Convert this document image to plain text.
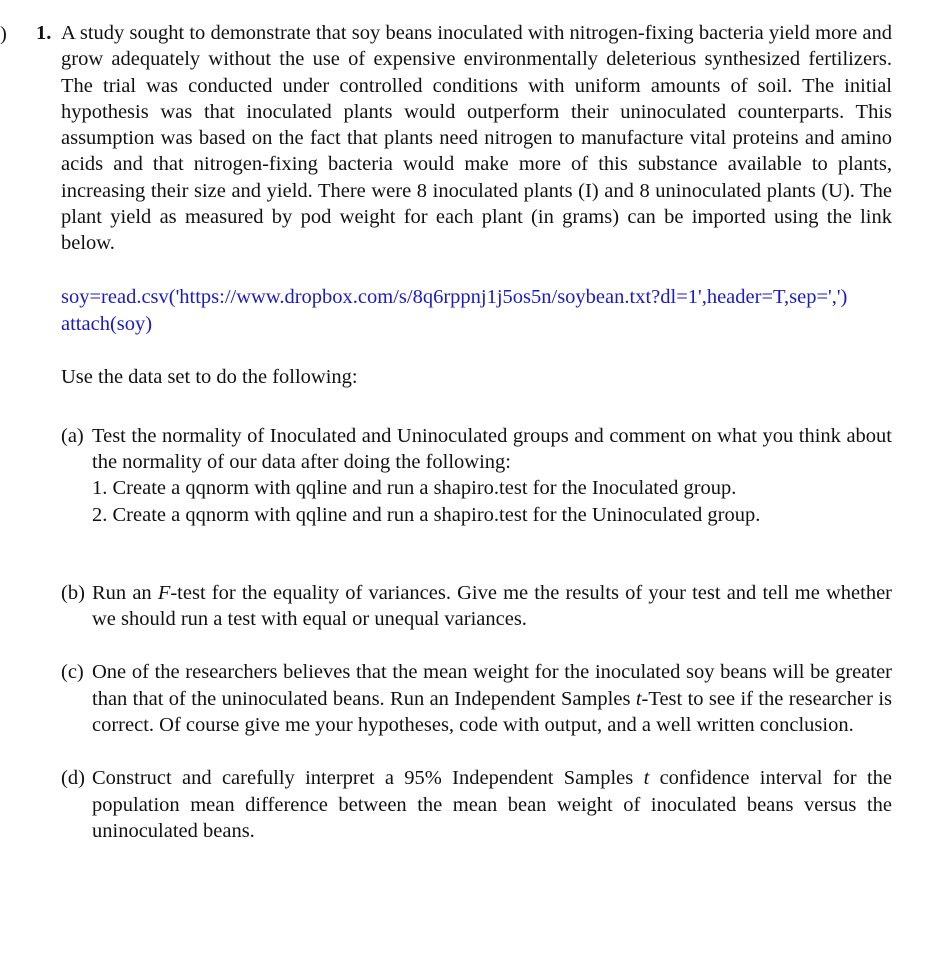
) 1. A study sought to demonstrate that soy beans inoculated with nitrogen-fixing bacteria yield more and grow adequately without the use of expensive environmentally deleterious synthesized fertilizers. The trial was conducted under controlled conditions with uniform amounts of soil. The initial hypothesis was that inoculated plants would outperform their uninoculated counterparts. This assumption was based on the fact that plants need nitrogen to manufacture vital proteins and amino acids and that nitrogen-fixing bacteria would make more of this substance available to plants, increasing their size and yield. There were 8 inoculated plants (I) and 8 uninoculated plants (U). The plant yield as measured by pod weight for each plant (in grams) can be imported using the link below.
soy=read.csv('https://www.dropbox.com/s/8q6rppnj1j5os5n/soybean.txt?dl=1',header=T,sep=',')
attach(soy)
Use the data set to do the following:
(a) Test the normality of Inoculated and Uninoculated groups and comment on what you think about the normality of our data after doing the following:
1. Create a qqnorm with qqline and run a shapiro.test for the Inoculated group.
2. Create a qqnorm with qqline and run a shapiro.test for the Uninoculated group.
(b) Run an F-test for the equality of variances. Give me the results of your test and tell me whether we should run a test with equal or unequal variances.
(c) One of the researchers believes that the mean weight for the inoculated soy beans will be greater than that of the uninoculated beans. Run an Independent Samples t-Test to see if the researcher is correct. Of course give me your hypotheses, code with output, and a well written conclusion.
(d) Construct and carefully interpret a 95% Independent Samples t confidence interval for the population mean difference between the mean bean weight of inoculated beans versus the uninoculated beans.
